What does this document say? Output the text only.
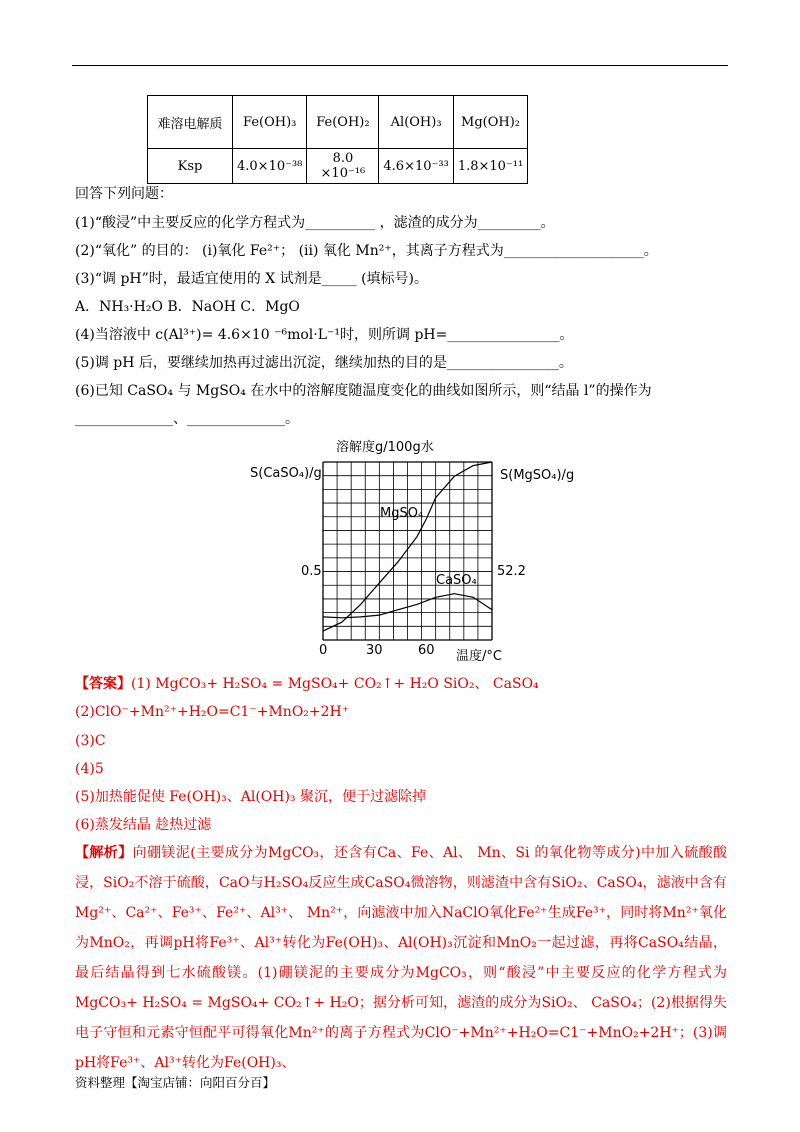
难溶电解质	Fe(OH)₃	Fe(OH)₂	Al(OH)₃	Mg(OH)₂
Ksp	4.0×10⁻³⁸	8.0 ×10⁻¹⁶	4.6×10⁻³³	1.8×10⁻¹¹
回答下列问题：
(1)“酸浸”中主要反应的化学方程式为__________ ，滤渣的成分为_________。
(2)“氧化” 的目的： (i)氧化 Fe²⁺； (ii) 氧化 Mn²⁺，其离子方程式为____________________。
(3)“调 pH”时，最适宜使用的 X 试剂是_____ (填标号)。
A．NH₃·H₂O B．NaOH C．MgO
(4)当溶液中 c(Al³⁺)= 4.6×10 ⁻⁶mol·L⁻¹时，则所调 pH=________________。
(5)调 pH 后，要继续加热再过滤出沉淀，继续加热的目的是________________。
(6)已知 CaSO₄ 与 MgSO₄ 在水中的溶解度随温度变化的曲线如图所示，则“结晶 l”的操作为
______________、______________。
溶解度g/100g水
S(CaSO₄)/g	S(MgSO₄)/g
0.5	52.2
0	30	60 温度/°C
MgSO₄
CaSO₄
【答案】(1) MgCO₃+ H₂SO₄ = MgSO₄+ CO₂↑+ H₂O SiO₂、 CaSO₄
(2)ClO⁻+Mn²⁺+H₂O=C1⁻+MnO₂+2H⁺
(3)C
(4)5
(5)加热能促使 Fe(OH)₃、Al(OH)₃ 聚沉，便于过滤除掉
(6)蒸发结晶 趁热过滤
【解析】向硼镁泥(主要成分为MgCO₃，还含有Ca、Fe、Al、 Mn、Si 的氧化物等成分)中加入硫酸酸浸，SiO₂不溶于硫酸，CaO与H₂SO₄反应生成CaSO₄微溶物，则滤渣中含有SiO₂、CaSO₄，滤液中含有Mg²⁺、Ca²⁺、Fe³⁺、Fe²⁺、Al³⁺、 Mn²⁺，向滤液中加入NaClO氧化Fe²⁺生成Fe³⁺，同时将Mn²⁺氧化为MnO₂，再调pH将Fe³⁺、Al³⁺转化为Fe(OH)₃、Al(OH)₃沉淀和MnO₂一起过滤，再将CaSO₄结晶，最后结晶得到七水硫酸镁。(1)硼镁泥的主要成分为MgCO₃，则“酸浸”中主要反应的化学方程式为MgCO₃+ H₂SO₄ = MgSO₄+ CO₂↑+ H₂O；据分析可知，滤渣的成分为SiO₂、 CaSO₄；(2)根据得失电子守恒和元素守恒配平可得氧化Mn²⁺的离子方程式为ClO⁻+Mn²⁺+H₂O=C1⁻+MnO₂+2H⁺；(3)调pH将Fe³⁺、Al³⁺转化为Fe(OH)₃、
资料整理【淘宝店铺：向阳百分百】
